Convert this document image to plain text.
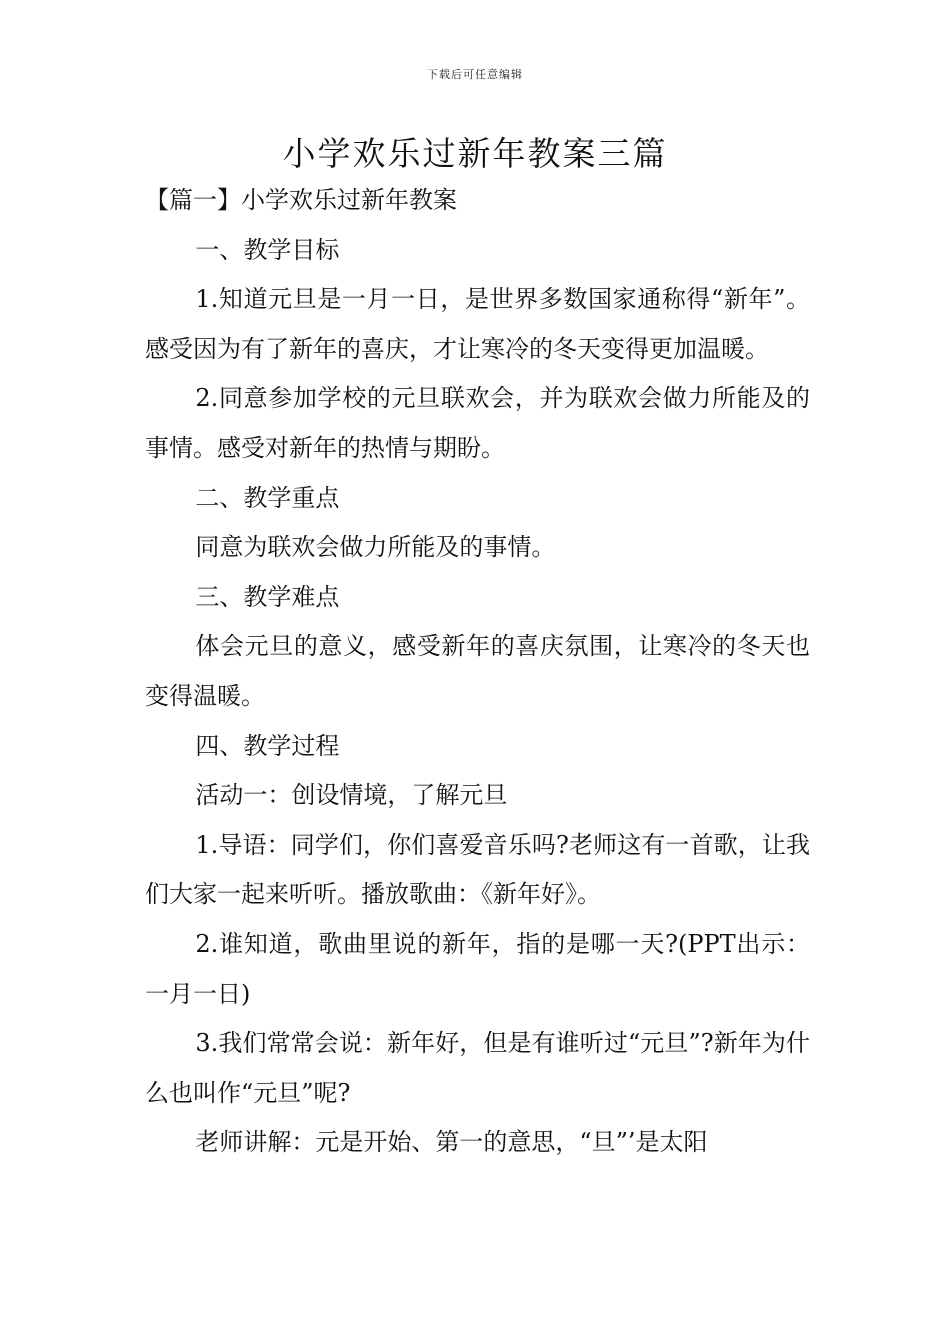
下载后可任意编辑
小学欢乐过新年教案三篇

【篇一】小学欢乐过新年教案

一、教学目标

1.知道元旦是一月一日，是世界多数国家通称得“新年”。感受因为有了新年的喜庆，才让寒冷的冬天变得更加温暖。

2.同意参加学校的元旦联欢会，并为联欢会做力所能及的事情。感受对新年的热情与期盼。

二、教学重点

同意为联欢会做力所能及的事情。

三、教学难点

体会元旦的意义，感受新年的喜庆氛围，让寒冷的冬天也变得温暖。

四、教学过程

活动一：创设情境，了解元旦

1.导语：同学们，你们喜爱音乐吗?老师这有一首歌，让我们大家一起来听听。播放歌曲：《新年好》。

2.谁知道，歌曲里说的新年，指的是哪一天?(PPT出示：一月一日)

3.我们常常会说：新年好，但是有谁听过“元旦”?新年为什么也叫作“元旦”呢?

老师讲解：元是开始、第一的意思，“旦”’是太阳
